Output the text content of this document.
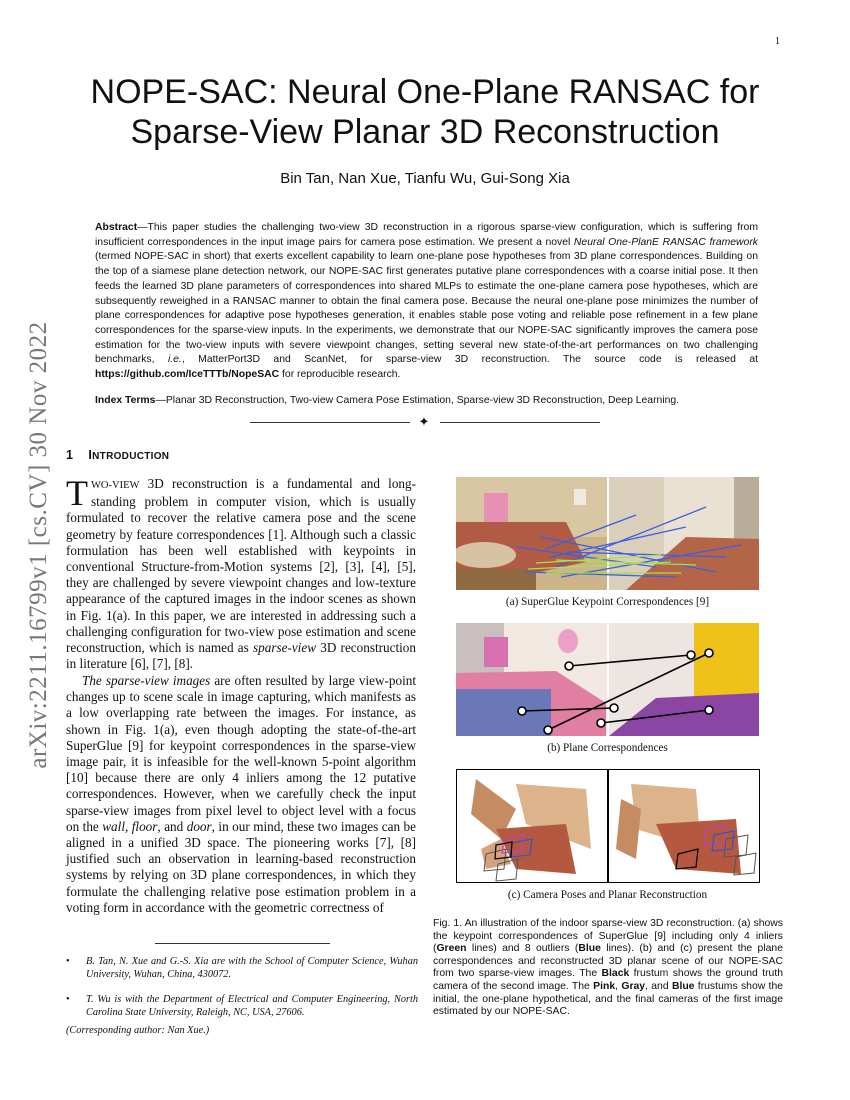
1
arXiv:2211.16799v1 [cs.CV] 30 Nov 2022
NOPE-SAC: Neural One-Plane RANSAC for
Sparse-View Planar 3D Reconstruction
Bin Tan, Nan Xue, Tianfu Wu, Gui-Song Xia
Abstract—This paper studies the challenging two-view 3D reconstruction in a rigorous sparse-view configuration, which is suffering from insufficient correspondences in the input image pairs for camera pose estimation. We present a novel Neural One-PlanE RANSAC framework (termed NOPE-SAC in short) that exerts excellent capability to learn one-plane pose hypotheses from 3D plane correspondences. Building on the top of a siamese plane detection network, our NOPE-SAC first generates putative plane correspondences with a coarse initial pose. It then feeds the learned 3D plane parameters of correspondences into shared MLPs to estimate the one-plane camera pose hypotheses, which are subsequently reweighed in a RANSAC manner to obtain the final camera pose. Because the neural one-plane pose minimizes the number of plane correspondences for adaptive pose hypotheses generation, it enables stable pose voting and reliable pose refinement in a few plane correspondences for the sparse-view inputs. In the experiments, we demonstrate that our NOPE-SAC significantly improves the camera pose estimation for the two-view inputs with severe viewpoint changes, setting several new state-of-the-art performances on two challenging benchmarks, i.e., MatterPort3D and ScanNet, for sparse-view 3D reconstruction. The source code is released at https://github.com/IceTTTb/NopeSAC for reproducible research.
Index Terms—Planar 3D Reconstruction, Two-view Camera Pose Estimation, Sparse-view 3D Reconstruction, Deep Learning.
✦
1 INTRODUCTION
TWO-VIEW 3D reconstruction is a fundamental and long-standing problem in computer vision, which is usually formulated to recover the relative camera pose and the scene geometry by feature correspondences [1]. Although such a classic formulation has been well established with keypoints in conventional Structure-from-Motion systems [2], [3], [4], [5], they are challenged by severe viewpoint changes and low-texture appearance of the captured images in the indoor scenes as shown in Fig. 1(a). In this paper, we are interested in addressing such a challenging configuration for two-view pose estimation and scene reconstruction, which is named as sparse-view 3D reconstruction in literature [6], [7], [8].
The sparse-view images are often resulted by large view-point changes up to scene scale in image capturing, which manifests as a low overlapping rate between the images. For instance, as shown in Fig. 1(a), even though adopting the state-of-the-art SuperGlue [9] for keypoint correspondences in the sparse-view image pair, it is infeasible for the well-known 5-point algorithm [10] because there are only 4 inliers among the 12 putative correspondences. However, when we carefully check the input sparse-view images from pixel level to object level with a focus on the wall, floor, and door, in our mind, these two images can be aligned in a unified 3D space. The pioneering works [7], [8] justified such an observation in learning-based reconstruction systems by relying on 3D plane correspondences, in which they formulate the challenging relative pose estimation problem in a voting form in accordance with the geometric correctness of
•	B. Tan, N. Xue and G.-S. Xia are with the School of Computer Science, Wuhan University, Wuhan, China, 430072.
•	T. Wu is with the Department of Electrical and Computer Engineering, North Carolina State University, Raleigh, NC, USA, 27606.
(Corresponding author: Nan Xue.)
(a) SuperGlue Keypoint Correspondences [9]
(b) Plane Correspondences
(c) Camera Poses and Planar Reconstruction
Fig. 1. An illustration of the indoor sparse-view 3D reconstruction. (a) shows the keypoint correspondences of SuperGlue [9] including only 4 inliers (Green lines) and 8 outliers (Blue lines). (b) and (c) present the plane correspondences and reconstructed 3D planar scene of our NOPE-SAC from two sparse-view images. The Black frustum shows the ground truth camera of the second image. The Pink, Gray, and Blue frustums show the initial, the one-plane hypothetical, and the final cameras of the first image estimated by our NOPE-SAC.
